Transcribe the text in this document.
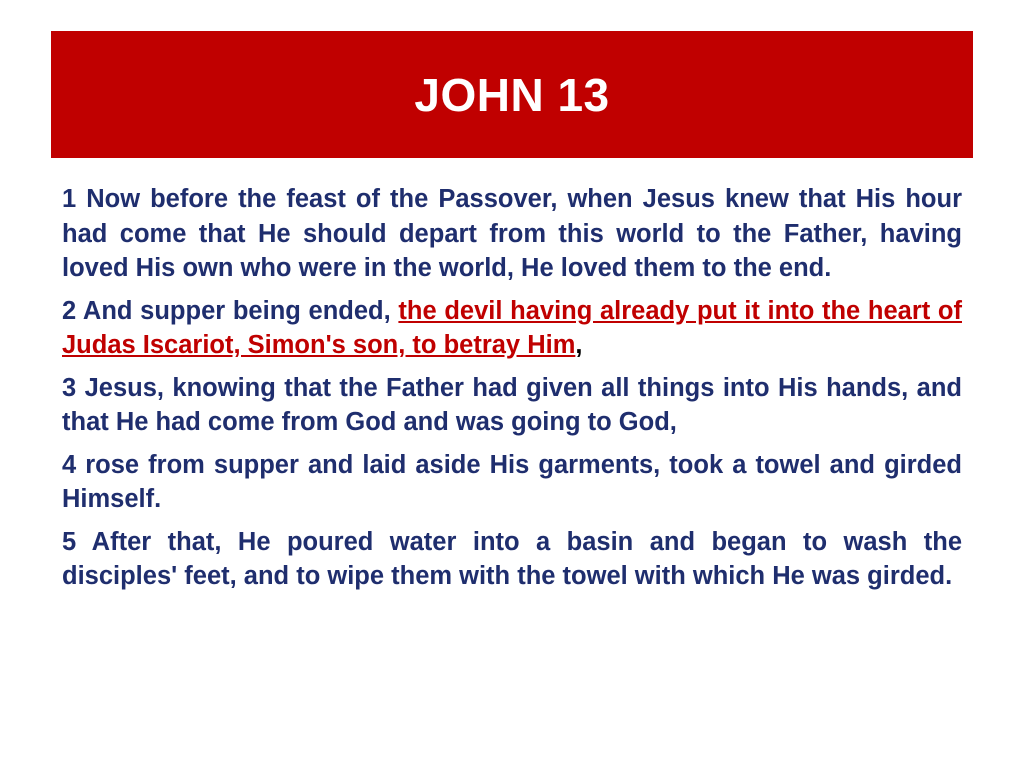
JOHN 13

1 Now before the feast of the Passover, when Jesus knew that His hour had come that He should depart from this world to the Father, having loved His own who were in the world, He loved them to the end.

2 And supper being ended, the devil having already put it into the heart of Judas Iscariot, Simon's son, to betray Him,

3 Jesus, knowing that the Father had given all things into His hands, and that He had come from God and was going to God,

4 rose from supper and laid aside His garments, took a towel and girded Himself.

5 After that, He poured water into a basin and began to wash the disciples' feet, and to wipe them with the towel with which He was girded.
